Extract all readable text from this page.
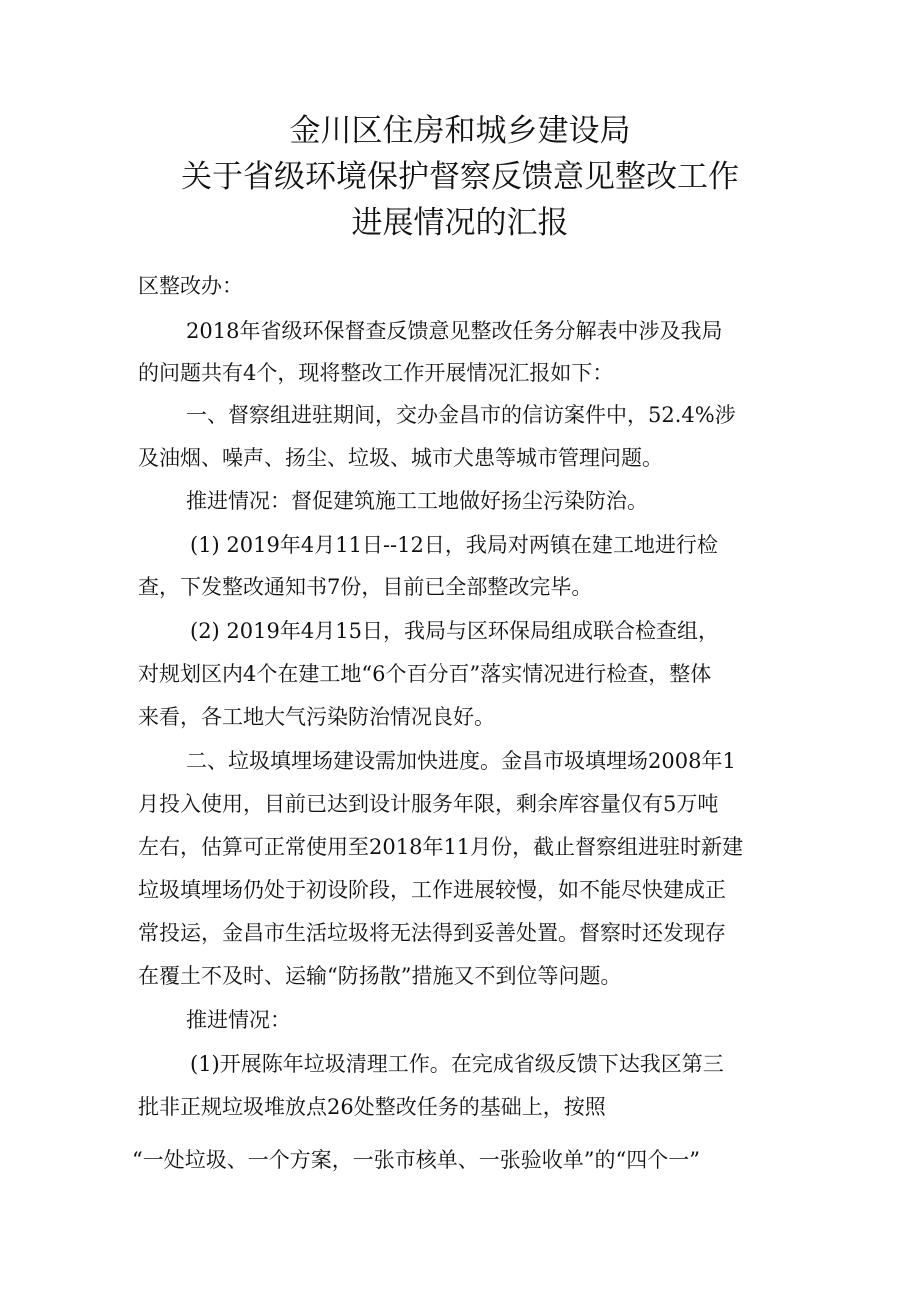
金川区住房和城乡建设局
关于省级环境保护督察反馈意见整改工作
进展情况的汇报
区整改办：
2018年省级环保督查反馈意见整改任务分解表中涉及我局
的问题共有4个，现将整改工作开展情况汇报如下：
一、督察组进驻期间，交办金昌市的信访案件中，52.4%涉
及油烟、噪声、扬尘、垃圾、城市犬患等城市管理问题。
推进情况：督促建筑施工工地做好扬尘污染防治。
(1) 2019年4月11日--12日，我局对两镇在建工地进行检
查，下发整改通知书7份，目前已全部整改完毕。
(2) 2019年4月15日，我局与区环保局组成联合检查组，
对规划区内4个在建工地“6个百分百”落实情况进行检查，整体
来看，各工地大气污染防治情况良好。
二、垃圾填埋场建设需加快进度。金昌市圾填埋场2008年1
月投入使用，目前已达到设计服务年限，剩余库容量仅有5万吨
左右，估算可正常使用至2018年11月份，截止督察组进驻时新建
垃圾填埋场仍处于初设阶段，工作进展较慢，如不能尽快建成正
常投运，金昌市生活垃圾将无法得到妥善处置。督察时还发现存
在覆土不及时、运输“防扬散”措施又不到位等问题。
推进情况：
(1)开展陈年垃圾清理工作。在完成省级反馈下达我区第三
批非正规垃圾堆放点26处整改任务的基础上，按照
“一处垃圾、一个方案，一张市核单、一张验收单”的“四个一”
